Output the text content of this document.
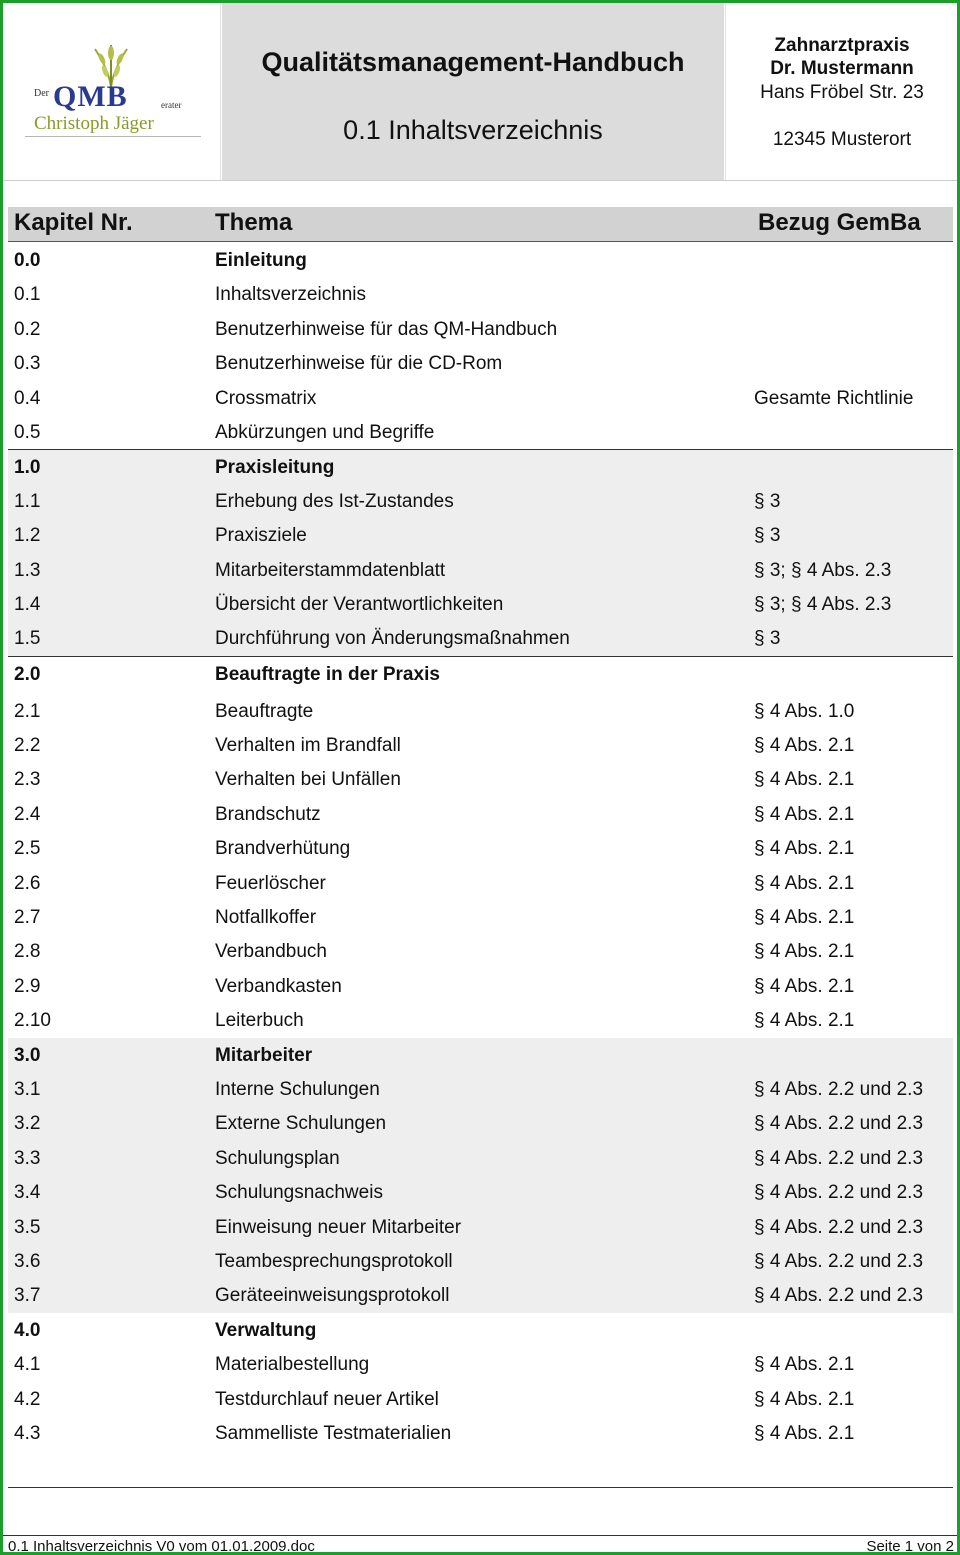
Der QMB	erater
Christoph Jäger
Qualitätsmanagement-Handbuch
0.1 Inhaltsverzeichnis
Zahnarztpraxis
Dr. Mustermann
Hans Fröbel Str. 23
12345 Musterort
Kapitel Nr.	Thema	Bezug GemBa
0.0	Einleitung
0.1	Inhaltsverzeichnis
0.2	Benutzerhinweise für das QM-Handbuch
0.3	Benutzerhinweise für die CD-Rom
0.4	Crossmatrix	Gesamte Richtlinie
0.5	Abkürzungen und Begriffe
1.0	Praxisleitung
1.1	Erhebung des Ist-Zustandes	§ 3
1.2	Praxisziele	§ 3
1.3	Mitarbeiterstammdatenblatt	§ 3; § 4 Abs. 2.3
1.4	Übersicht der Verantwortlichkeiten	§ 3; § 4 Abs. 2.3
1.5	Durchführung von Änderungsmaßnahmen	§ 3
2.0	Beauftragte in der Praxis
2.1	Beauftragte	§ 4 Abs. 1.0
2.2	Verhalten im Brandfall	§ 4 Abs. 2.1
2.3	Verhalten bei Unfällen	§ 4 Abs. 2.1
2.4	Brandschutz	§ 4 Abs. 2.1
2.5	Brandverhütung	§ 4 Abs. 2.1
2.6	Feuerlöscher	§ 4 Abs. 2.1
2.7	Notfallkoffer	§ 4 Abs. 2.1
2.8	Verbandbuch	§ 4 Abs. 2.1
2.9	Verbandkasten	§ 4 Abs. 2.1
2.10	Leiterbuch	§ 4 Abs. 2.1
3.0	Mitarbeiter
3.1	Interne Schulungen	§ 4 Abs. 2.2 und 2.3
3.2	Externe Schulungen	§ 4 Abs. 2.2 und 2.3
3.3	Schulungsplan	§ 4 Abs. 2.2 und 2.3
3.4	Schulungsnachweis	§ 4 Abs. 2.2 und 2.3
3.5	Einweisung neuer Mitarbeiter	§ 4 Abs. 2.2 und 2.3
3.6	Teambesprechungsprotokoll	§ 4 Abs. 2.2 und 2.3
3.7	Geräteeinweisungsprotokoll	§ 4 Abs. 2.2 und 2.3
4.0	Verwaltung
4.1	Materialbestellung	§ 4 Abs. 2.1
4.2	Testdurchlauf neuer Artikel	§ 4 Abs. 2.1
4.3	Sammelliste Testmaterialien	§ 4 Abs. 2.1
0.1 Inhaltsverzeichnis V0 vom 01.01.2009.doc	Seite 1 von 2
